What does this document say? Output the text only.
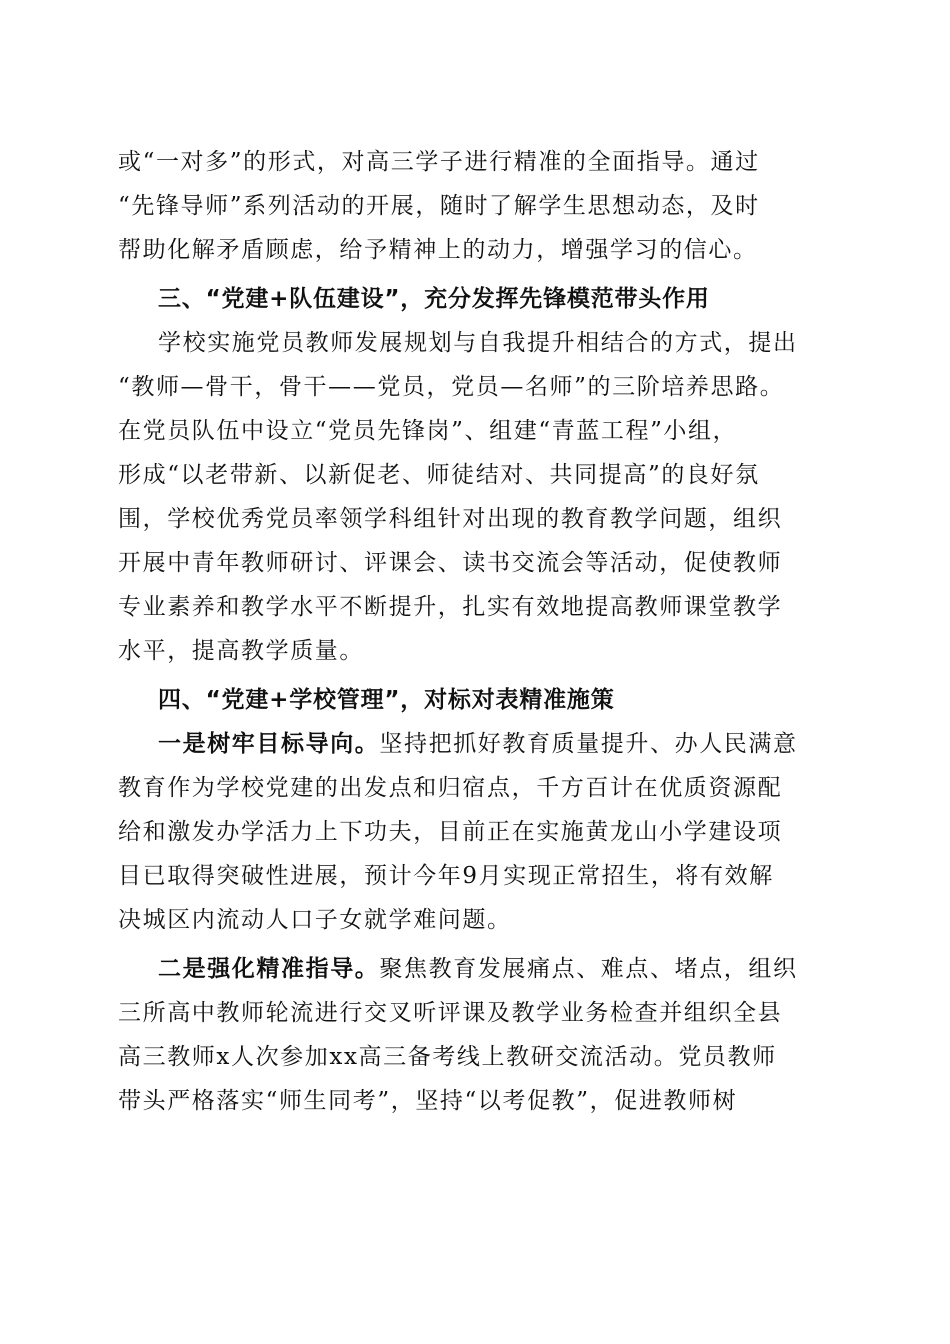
或“一对多”的形式，对高三学子进行精准的全面指导。通过
“先锋导师”系列活动的开展，随时了解学生思想动态，及时
帮助化解矛盾顾虑，给予精神上的动力，增强学习的信心。
三、“党建+队伍建设”，充分发挥先锋模范带头作用
学校实施党员教师发展规划与自我提升相结合的方式，提出
“教师—骨干，骨干——党员，党员—名师”的三阶培养思路。
在党员队伍中设立“党员先锋岗”、组建“青蓝工程”小组，
形成“以老带新、以新促老、师徒结对、共同提高”的良好氛
围，学校优秀党员率领学科组针对出现的教育教学问题，组织
开展中青年教师研讨、评课会、读书交流会等活动，促使教师
专业素养和教学水平不断提升，扎实有效地提高教师课堂教学
水平，提高教学质量。
四、“党建+学校管理”，对标对表精准施策
一是树牢目标导向。坚持把抓好教育质量提升、办人民满意
教育作为学校党建的出发点和归宿点，千方百计在优质资源配
给和激发办学活力上下功夫，目前正在实施黄龙山小学建设项
目已取得突破性进展，预计今年9月实现正常招生，将有效解
决城区内流动人口子女就学难问题。
二是强化精准指导。聚焦教育发展痛点、难点、堵点，组织
三所高中教师轮流进行交叉听评课及教学业务检查并组织全县
高三教师x人次参加xx高三备考线上教研交流活动。党员教师
带头严格落实“师生同考”，坚持“以考促教”，促进教师树
